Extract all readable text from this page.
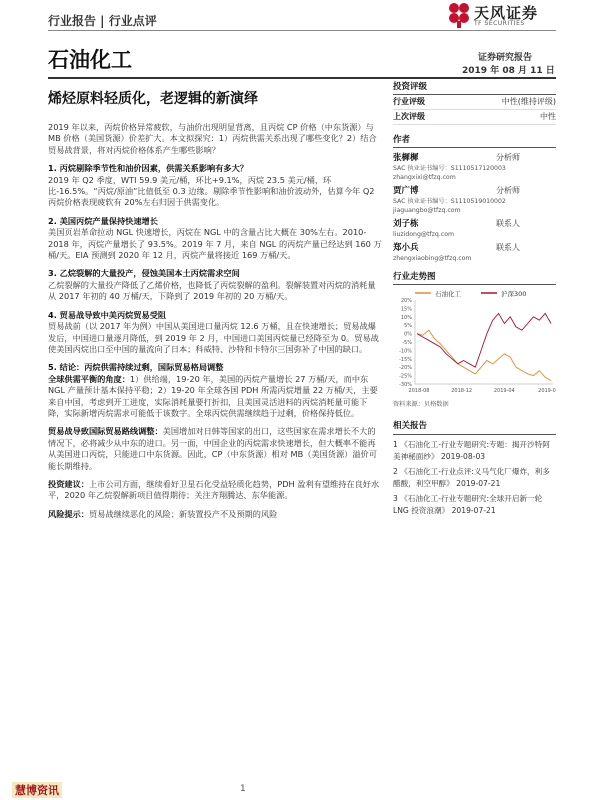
行业报告 | 行业点评	天风证券
TF SECURITIES
石油化工	证券研究报告
2019 年 08 月 11 日
烯烃原料轻质化，老逻辑的新演绎

2019 年以来，丙烷价格异常疲软，与油价出现明显背离，且丙烷 CP 价格（中东货源）与 MB 价格（美国货源）价差扩大。本文拟探究：1）丙烷供需关系出现了哪些变化？2）结合贸易战背景，将对丙烷价格体系产生哪些影响？

1. 丙烷剔除季节性和油价因素，供需关系影响有多大？

2019 年 Q2 季度，WTI 59.9 美元/桶，环比+9.1%，丙烷 23.5 美元/桶，环比-16.5%。“丙烷/原油”比值低至 0.3 边缘。剔除季节性影响和油价波动外，估算今年 Q2 丙烷价格表现疲软有 20%左右归因于供需变化。

2. 美国丙烷产量保持快速增长

美国页岩革命拉动 NGL 快速增长，丙烷在 NGL 中的含量占比大概在 30%左右。2010-2018 年，丙烷产量增长了 93.5%。2019 年 7 月，来自 NGL 的丙烷产量已经达到 160 万桶/天。EIA 预测到 2020 年 12 月，丙烷产量将接近 169 万桶/天。

3. 乙烷裂解的大量投产，侵蚀美国本土丙烷需求空间

乙烷裂解的大量投产降低了乙烯价格，也降低了丙烷裂解的盈利。裂解装置对丙烷的消耗量从 2017 年初的 40 万桶/天，下降到了 2019 年初的 20 万桶/天。

4. 贸易战导致中美丙烷贸易受阻

贸易战前（以 2017 年为例）中国从美国进口量丙烷 12.6 万桶，且在快速增长；贸易战爆发后，中国进口量逐月降低，到 2019 年 2 月，中国进口美国丙烷量已经降至为 0。贸易战使美国丙烷出口至中国的量流向了日本；科威特、沙特和卡特尔三国弥补了中国的缺口。

5. 结论：丙烷供需持续过剩，国际贸易格局调整

全球供需平衡的角度：1）供给端，19-20 年，美国的丙烷产量增长 27 万桶/天，而中东 NGL 产量预计基本保持平稳；2）19-20 年全球各国 PDH 所需丙烷增量 22 万桶/天，主要来自中国，考虑到开工进度，实际消耗量要打折扣，且美国灵活进料的丙烷消耗量可能下降，实际新增丙烷需求可能低于该数字。全球丙烷供需继续趋于过剩，价格保持低位。

贸易战导致国际贸易路线调整：美国增加对日韩等国家的出口，这些国家在需求增长不大的情况下，必将减少从中东的进口。另一面，中国企业的丙烷需求快速增长，但大概率不能再从美国进口丙烷，只能进口中东货源。因此，CP（中东货源）相对 MB（美国货源）溢价可能长期维持。

投资建议：上市公司方面，继续看好卫星石化受益轻质化趋势，PDH 盈利有望维持在良好水平，2020 年乙烷裂解新项目值得期待；关注齐翔腾达、东华能源。

风险提示：贸易战继续恶化的风险；新装置投产不及预期的风险

投资评级
行业评级	中性(维持评级)
上次评级	中性
作者
张樨樨	分析师
SAC 执业证书编号：S1110517120003
zhangxixi@tfzq.com
贾广博	分析师
SAC 执业证书编号：S1110519010002
jiaguangbo@tfzq.com
刘子栋	联系人
liuzidong@tfzq.com
郑小兵	联系人
zhengxiaobing@tfzq.com
行业走势图
石油化工	沪深300
20%
15%
10%
5%
0%
-5%
-10%
-15%
-20%
-25%
-30%
2018-08	2018-12	2019-04	2019-0
资料来源：贝格数据
相关报告
1 《石油化工-行业专题研究:专题：揭开沙特阿美神秘面纱》 2019-08-03
2 《石油化工-行业点评:义马气化厂爆炸，利多醋酸，利空甲醇》 2019-07-21
3 《石油化工-行业专题研究:全球开启新一轮 LNG 投资浪潮》 2019-07-21
慧博资讯	1
